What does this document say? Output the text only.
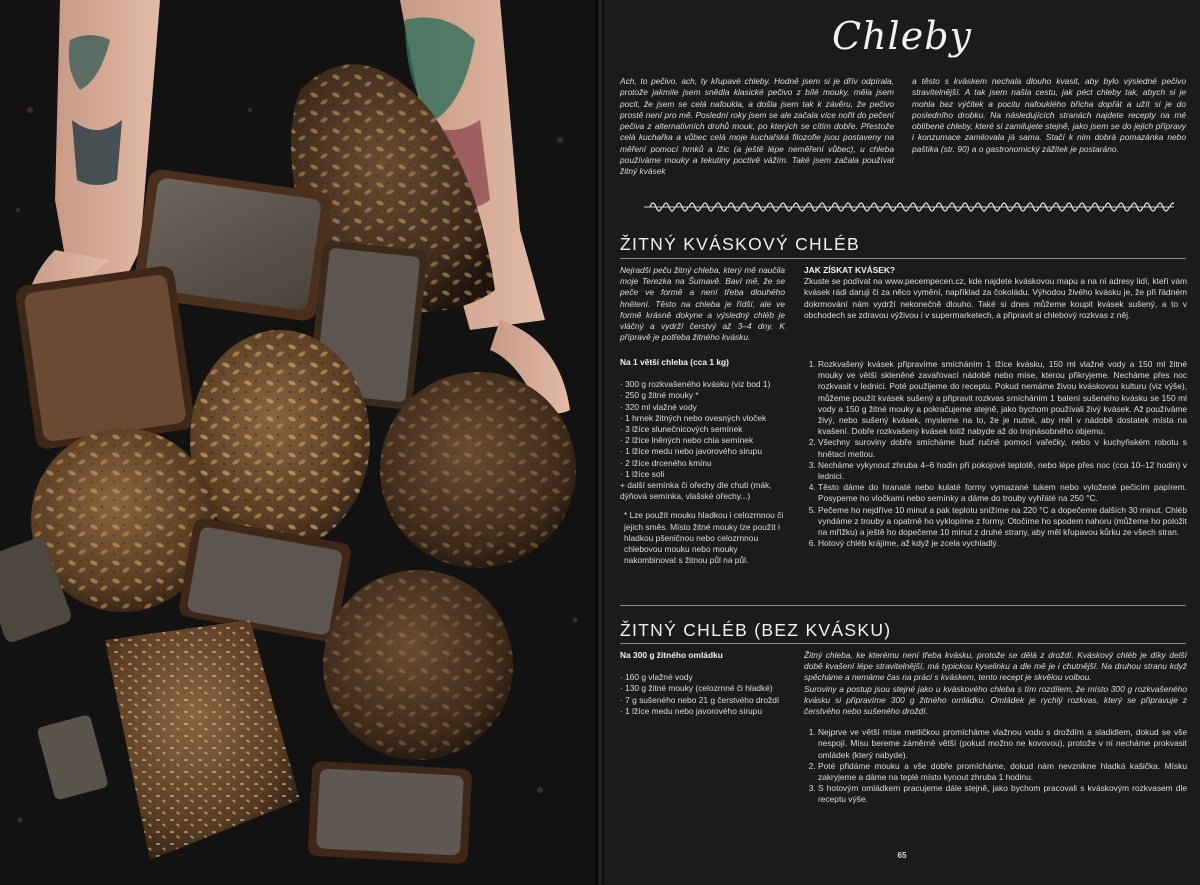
Chleby
Ach, to pečivo, ach, ty křupavé chleby. Hodně jsem si je dřív odpírala, protože jakmile jsem snědla klasické pečivo z bílé mouky, měla jsem pocit, že jsem se celá nafoukla, a došla jsem tak k závěru, že pečivo prostě není pro mě. Poslední roky jsem se ale začala více nořit do pečení pečiva z alternativních druhů mouk, po kterých se cítím dobře. Přestože celá kuchařka a vůbec celá moje kuchařská filozofie jsou postaveny na měření pomocí hrnků a lžic (a ještě lépe neměření vůbec), u chleba používáme mouky a tekutiny poctivě vážím. Také jsem začala používat žitný kvásek
a těsto s kváskem nechala dlouho kvasit, aby bylo výsledné pečivo stravitelnější. A tak jsem našla cestu, jak péct chleby tak, abych si je mohla bez výčitek a pocitu nafouklého břicha dopřát a užít si je do posledního drobku. Na následujících stranách najdete recepty na mé oblíbené chleby, které si zamilujete stejně, jako jsem se do jejich přípravy i konzumace zamilovala já sama. Stačí k nim dobrá pomazánka nebo paštika (str. 90) a o gastronomický zážitek je postaráno.
ŽITNÝ KVÁSKOVÝ CHLÉB
Nejradši peču žitný chleba, který mě naučila moje Terezka na Šumavě. Baví mě, že se peče ve formě a není třeba dlouhého hnětení. Těsto na chleba je řídší, ale ve formě krásně dokyne a výsledný chléb je vláčný a vydrží čerstvý až 3–4 dny. K přípravě je potřeba žitného kvásku.
JAK ZÍSKAT KVÁSEK?
Zkuste se podívat na www.pecempecen.cz, kde najdete kváskovou mapu a na ní adresy lidí, kteří vám kvásek rádi daruji či za něco vymění, například za čokoládu. Výhodou živého kvásku je, že při řádném dokrmování nám vydrží nekonečně dlouho. Také si dnes můžeme koupit kvásek sušený, a to v obchodech se zdravou výživou i v supermarketech, a připravit si chlebový rozkvas z něj.
Na 1 větší chleba (cca 1 kg)
· 300 g rozkvašeného kvásku (viz bod 1)
· 250 g žitné mouky *
· 320 ml vlažné vody
· 1 hrnek žitných nebo ovesných vloček
· 3 lžíce slunečnicových semínek
· 2 lžíce lněných nebo chia semínek
· 1 lžíce medu nebo javorového sirupu
· 2 lžíce drceného kmínu
· 1 lžíce soli
+ další semínka či ořechy dle chuti (mák, dýňová semínka, vlašské ořechy...)
* Lze použít mouku hladkou i celozrnnou či jejich směs. Místo žitné mouky lze použít i hladkou pšeničnou nebo celozrnnou chlebovou mouku nebo mouky nakombinovat s žitnou půl na půl.
1. Rozkvašený kvásek připravíme smícháním 1 lžíce kvásku, 150 ml vlažné vody a 150 ml žitné mouky ve větší skleněné zavařovací nádobě nebo míse, kterou přikryjeme. Necháme přes noc rozkvasit v lednici. Poté použijeme do receptu. Pokud nemáme živou kváskovou kulturu (viz výše), můžeme použít kvásek sušený a připravit rozkvas smícháním 1 balení sušeného kvásku se 150 ml vody a 150 g žitné mouky a pokračujeme stejně, jako bychom používali živý kvásek. Až používáme živý, nebo sušený kvásek, mysleme na to, že je nutné, aby měl v nádobě dostatek místa na kvašení. Dobře rozkvašený kvásek totiž nabyde až do trojnásobného objemu.
2. Všechny suroviny dobře smícháme buď ručně pomocí vařečky, nebo v kuchyňském robotu s hnětací metlou.
3. Necháme vykynout zhruba 4–6 hodin při pokojové teplotě, nebo lépe přes noc (cca 10–12 hodin) v lednici.
4. Těsto dáme do hranaté nebo kulaté formy vymazané tukem nebo vyložené pečicím papírem. Posypeme ho vločkami nebo semínky a dáme do trouby vyhřáté na 250 °C.
5. Pečeme ho nejdříve 10 minut a pak teplotu snížíme na 220 °C a dopečeme dalších 30 minut. Chléb vyndáme z trouby a opatrně ho vyklopíme z formy. Otočíme ho spodem nahoru (můžeme ho položit na mřížku) a ještě ho dopečeme 10 minut z druhé strany, aby měl křupavou kůrku ze všech stran.
6. Hotový chléb krájíme, až když je zcela vychladlý.
ŽITNÝ CHLÉB (BEZ KVÁSKU)
Na 300 g žitného omládku
· 160 g vlažné vody
· 130 g žitné mouky (celozrnné či hladké)
· 7 g sušeného nebo 21 g čerstvého droždí
· 1 lžíce medu nebo javorového sirupu
Žitný chleba, ke kterému není třeba kvásku, protože se dělá z droždí. Kváskový chléb je díky delší době kvašení lépe stravitelnější, má typickou kyselinku a dle mě je i chutnější. Na druhou stranu když spěcháme a nemáme čas na práci s kváskem, tento recept je skvělou volbou.
Suroviny a postup jsou stejné jako u kváskového chleba s tím rozdílem, že místo 300 g rozkvašeného kvásku si připravíme 300 g žitného omládku. Omládek je rychlý rozkvas, který se připravuje z čerstvého nebo sušeného droždí.
1. Nejprve ve větší míse metličkou promícháme vlažnou vodu s droždím a sladidlem, dokud se vše nespojí. Mísu bereme záměrně větší (pokud možno ne kovovou), protože v ní necháme prokvasit omládek (který nabyde).
2. Poté přidáme mouku a vše dobře promícháme, dokud nám nevznikne hladká kašička. Mísku zakryjeme a dáme na teplé místo kynout zhruba 1 hodinu.
3. S hotovým omládkem pracujeme dále stejně, jako bychom pracovali s kváskovým rozkvasem dle receptu výše.
65
